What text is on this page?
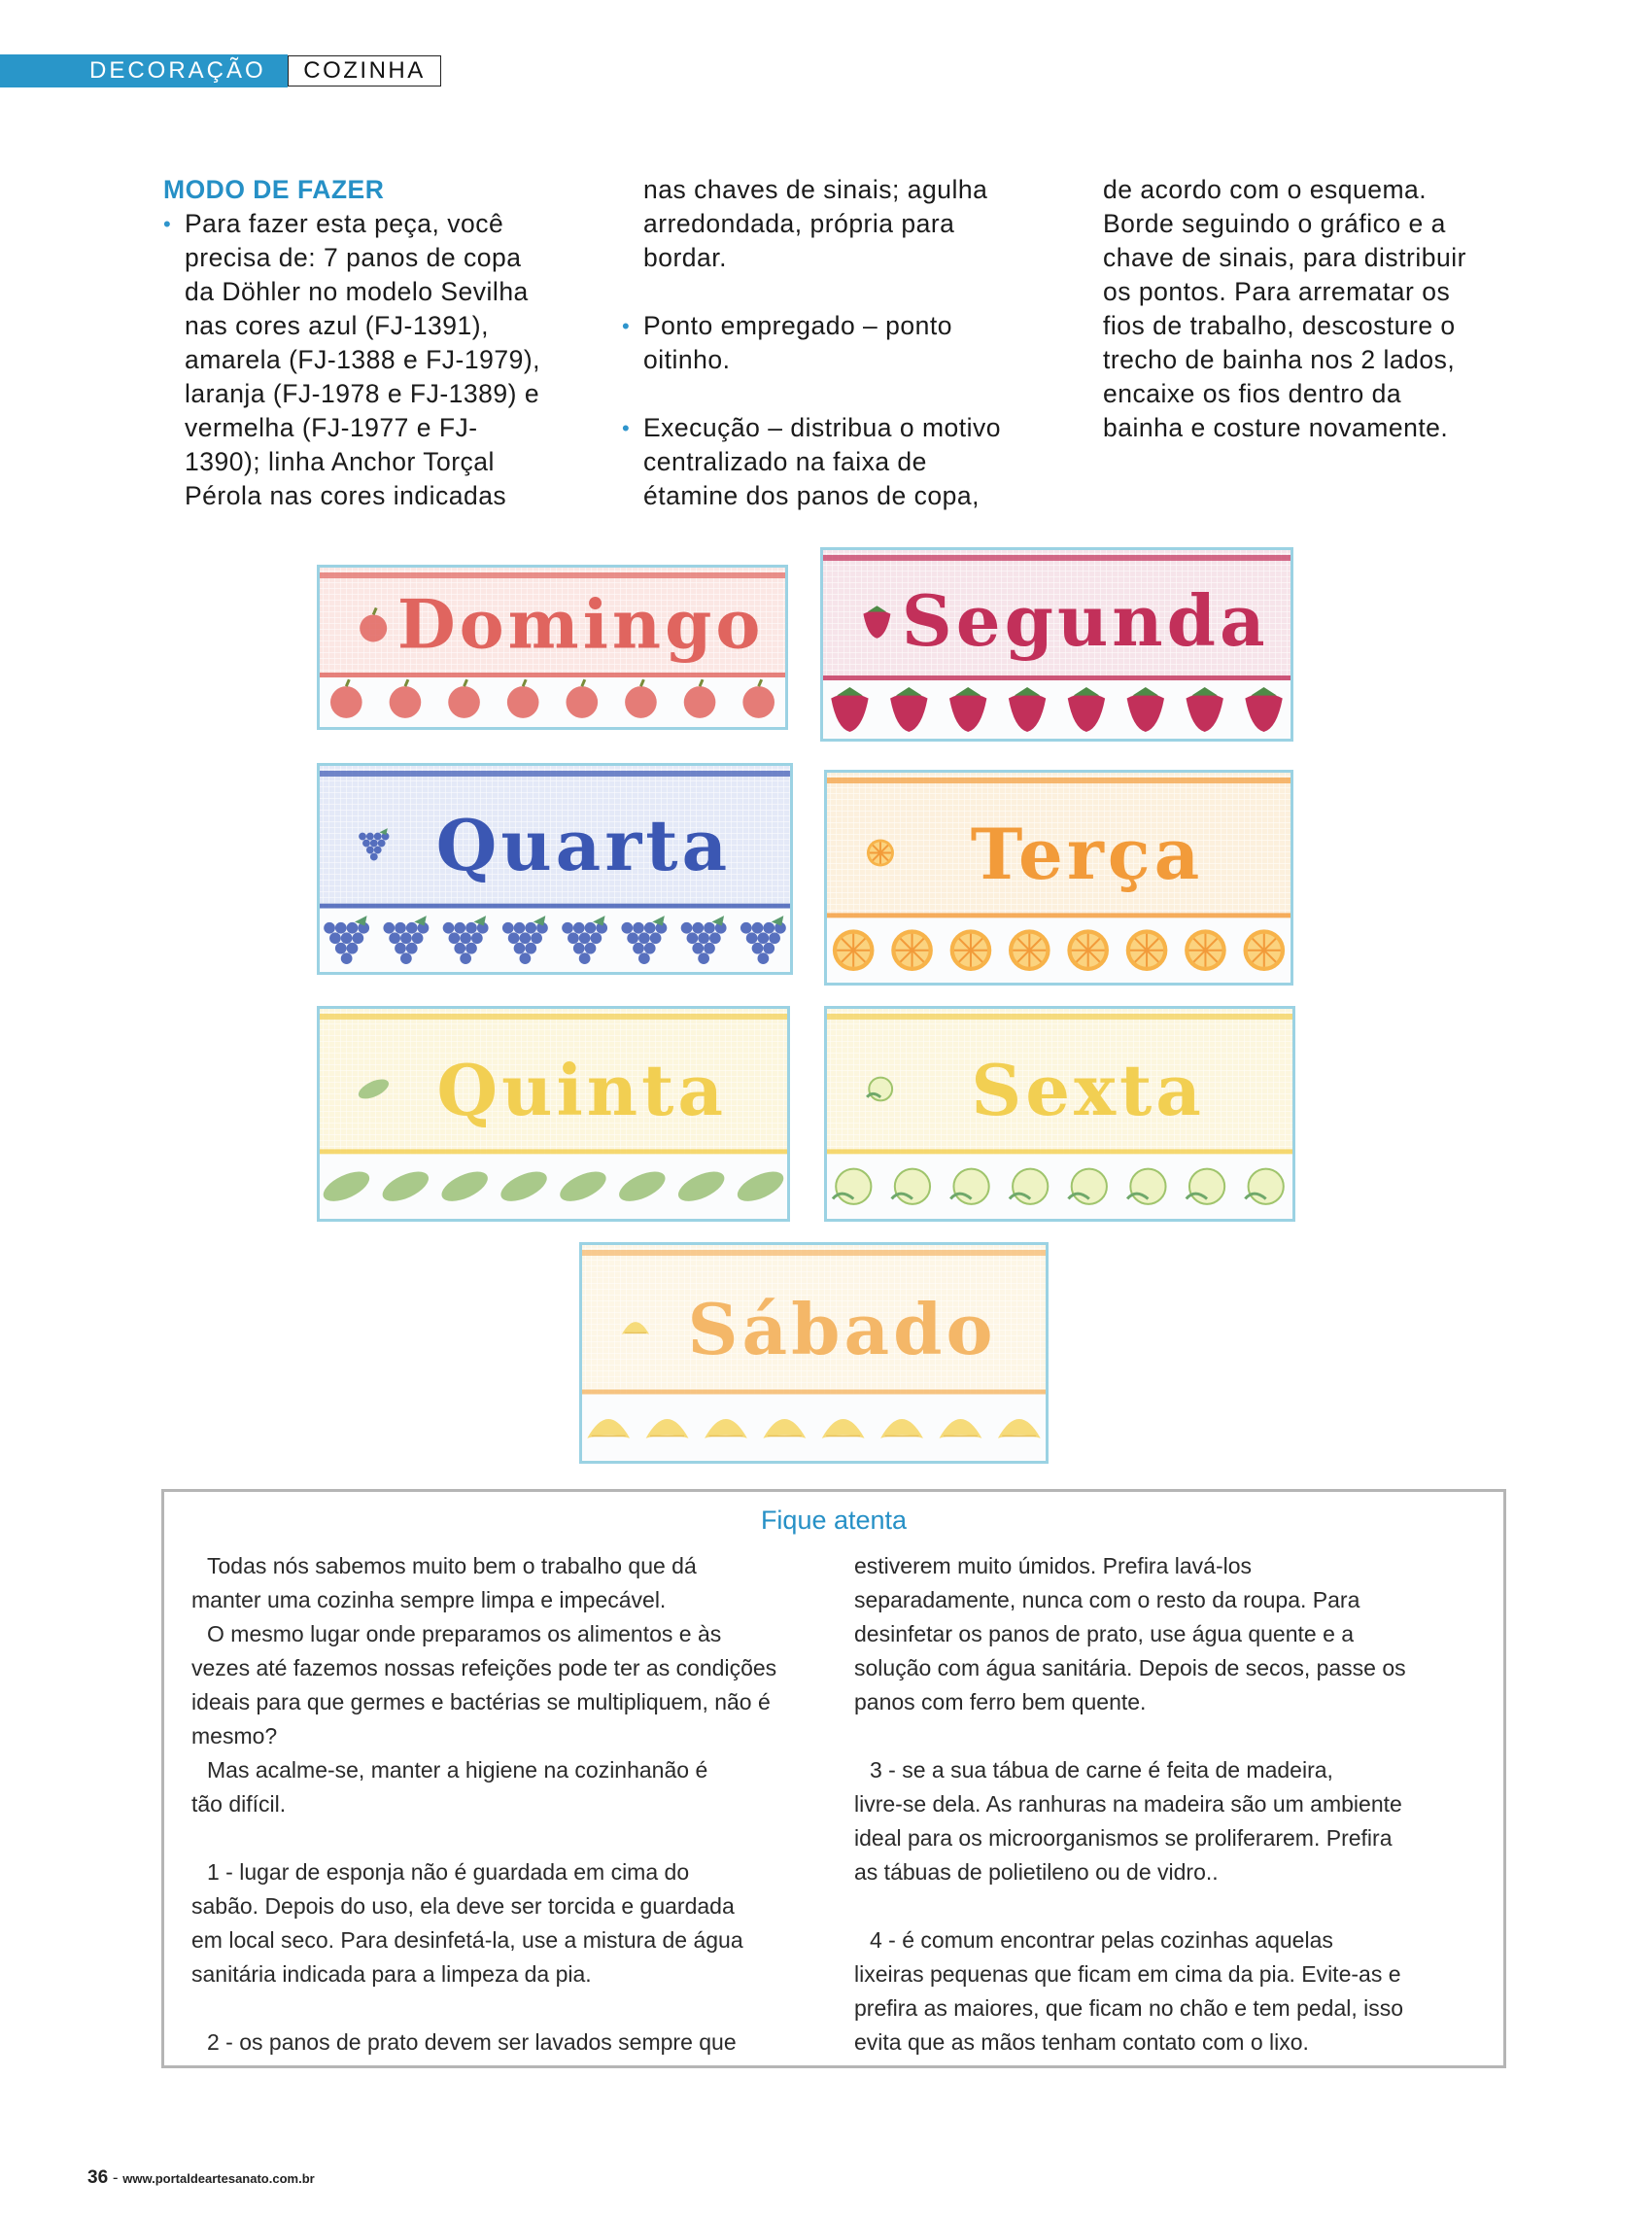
DECORAÇÃO	COZINHA
MODO DE FAZER

• Para fazer esta peça, você

precisa de: 7 panos de copa

da Döhler no modelo Sevilha

nas cores azul (FJ-1391),

amarela (FJ-1388 e FJ-1979),

laranja (FJ-1978 e FJ-1389) e

vermelha (FJ-1977 e FJ-

1390); linha Anchor Torçal

Pérola nas cores indicadas

nas chaves de sinais; agulha

arredondada, própria para

bordar.

• Ponto empregado – ponto

oitinho.

• Execução – distribua o motivo

centralizado na faixa de

étamine dos panos de copa,

de acordo com o esquema.

Borde seguindo o gráfico e a

chave de sinais, para distribuir

os pontos. Para arrematar os

fios de trabalho, descosture o

trecho de bainha nos 2 lados,

encaixe os fios dentro da

bainha e costure novamente.

Domingo Segunda
Quarta	Terça
Quinta	Sexta
Sábado
Fique atenta

Todas nós sabemos muito bem o trabalho que dá

manter uma cozinha sempre limpa e impecável.

O mesmo lugar onde preparamos os alimentos e às

vezes até fazemos nossas refeições pode ter as condições

ideais para que germes e bactérias se multipliquem, não é

mesmo?

Mas acalme-se, manter a higiene na cozinhanão é

tão difícil.

1 - lugar de esponja não é guardada em cima do

sabão. Depois do uso, ela deve ser torcida e guardada

em local seco. Para desinfetá-la, use a mistura de água

sanitária indicada para a limpeza da pia.

2 - os panos de prato devem ser lavados sempre que

estiverem muito úmidos. Prefira lavá-los

separadamente, nunca com o resto da roupa. Para

desinfetar os panos de prato, use água quente e a

solução com água sanitária. Depois de secos, passe os

panos com ferro bem quente.

3 - se a sua tábua de carne é feita de madeira,

livre-se dela. As ranhuras na madeira são um ambiente

ideal para os microorganismos se proliferarem. Prefira

as tábuas de polietileno ou de vidro..

4 - é comum encontrar pelas cozinhas aquelas

lixeiras pequenas que ficam em cima da pia. Evite-as e

prefira as maiores, que ficam no chão e tem pedal, isso

evita que as mãos tenham contato com o lixo.

36 - www.portaldeartesanato.com.br
